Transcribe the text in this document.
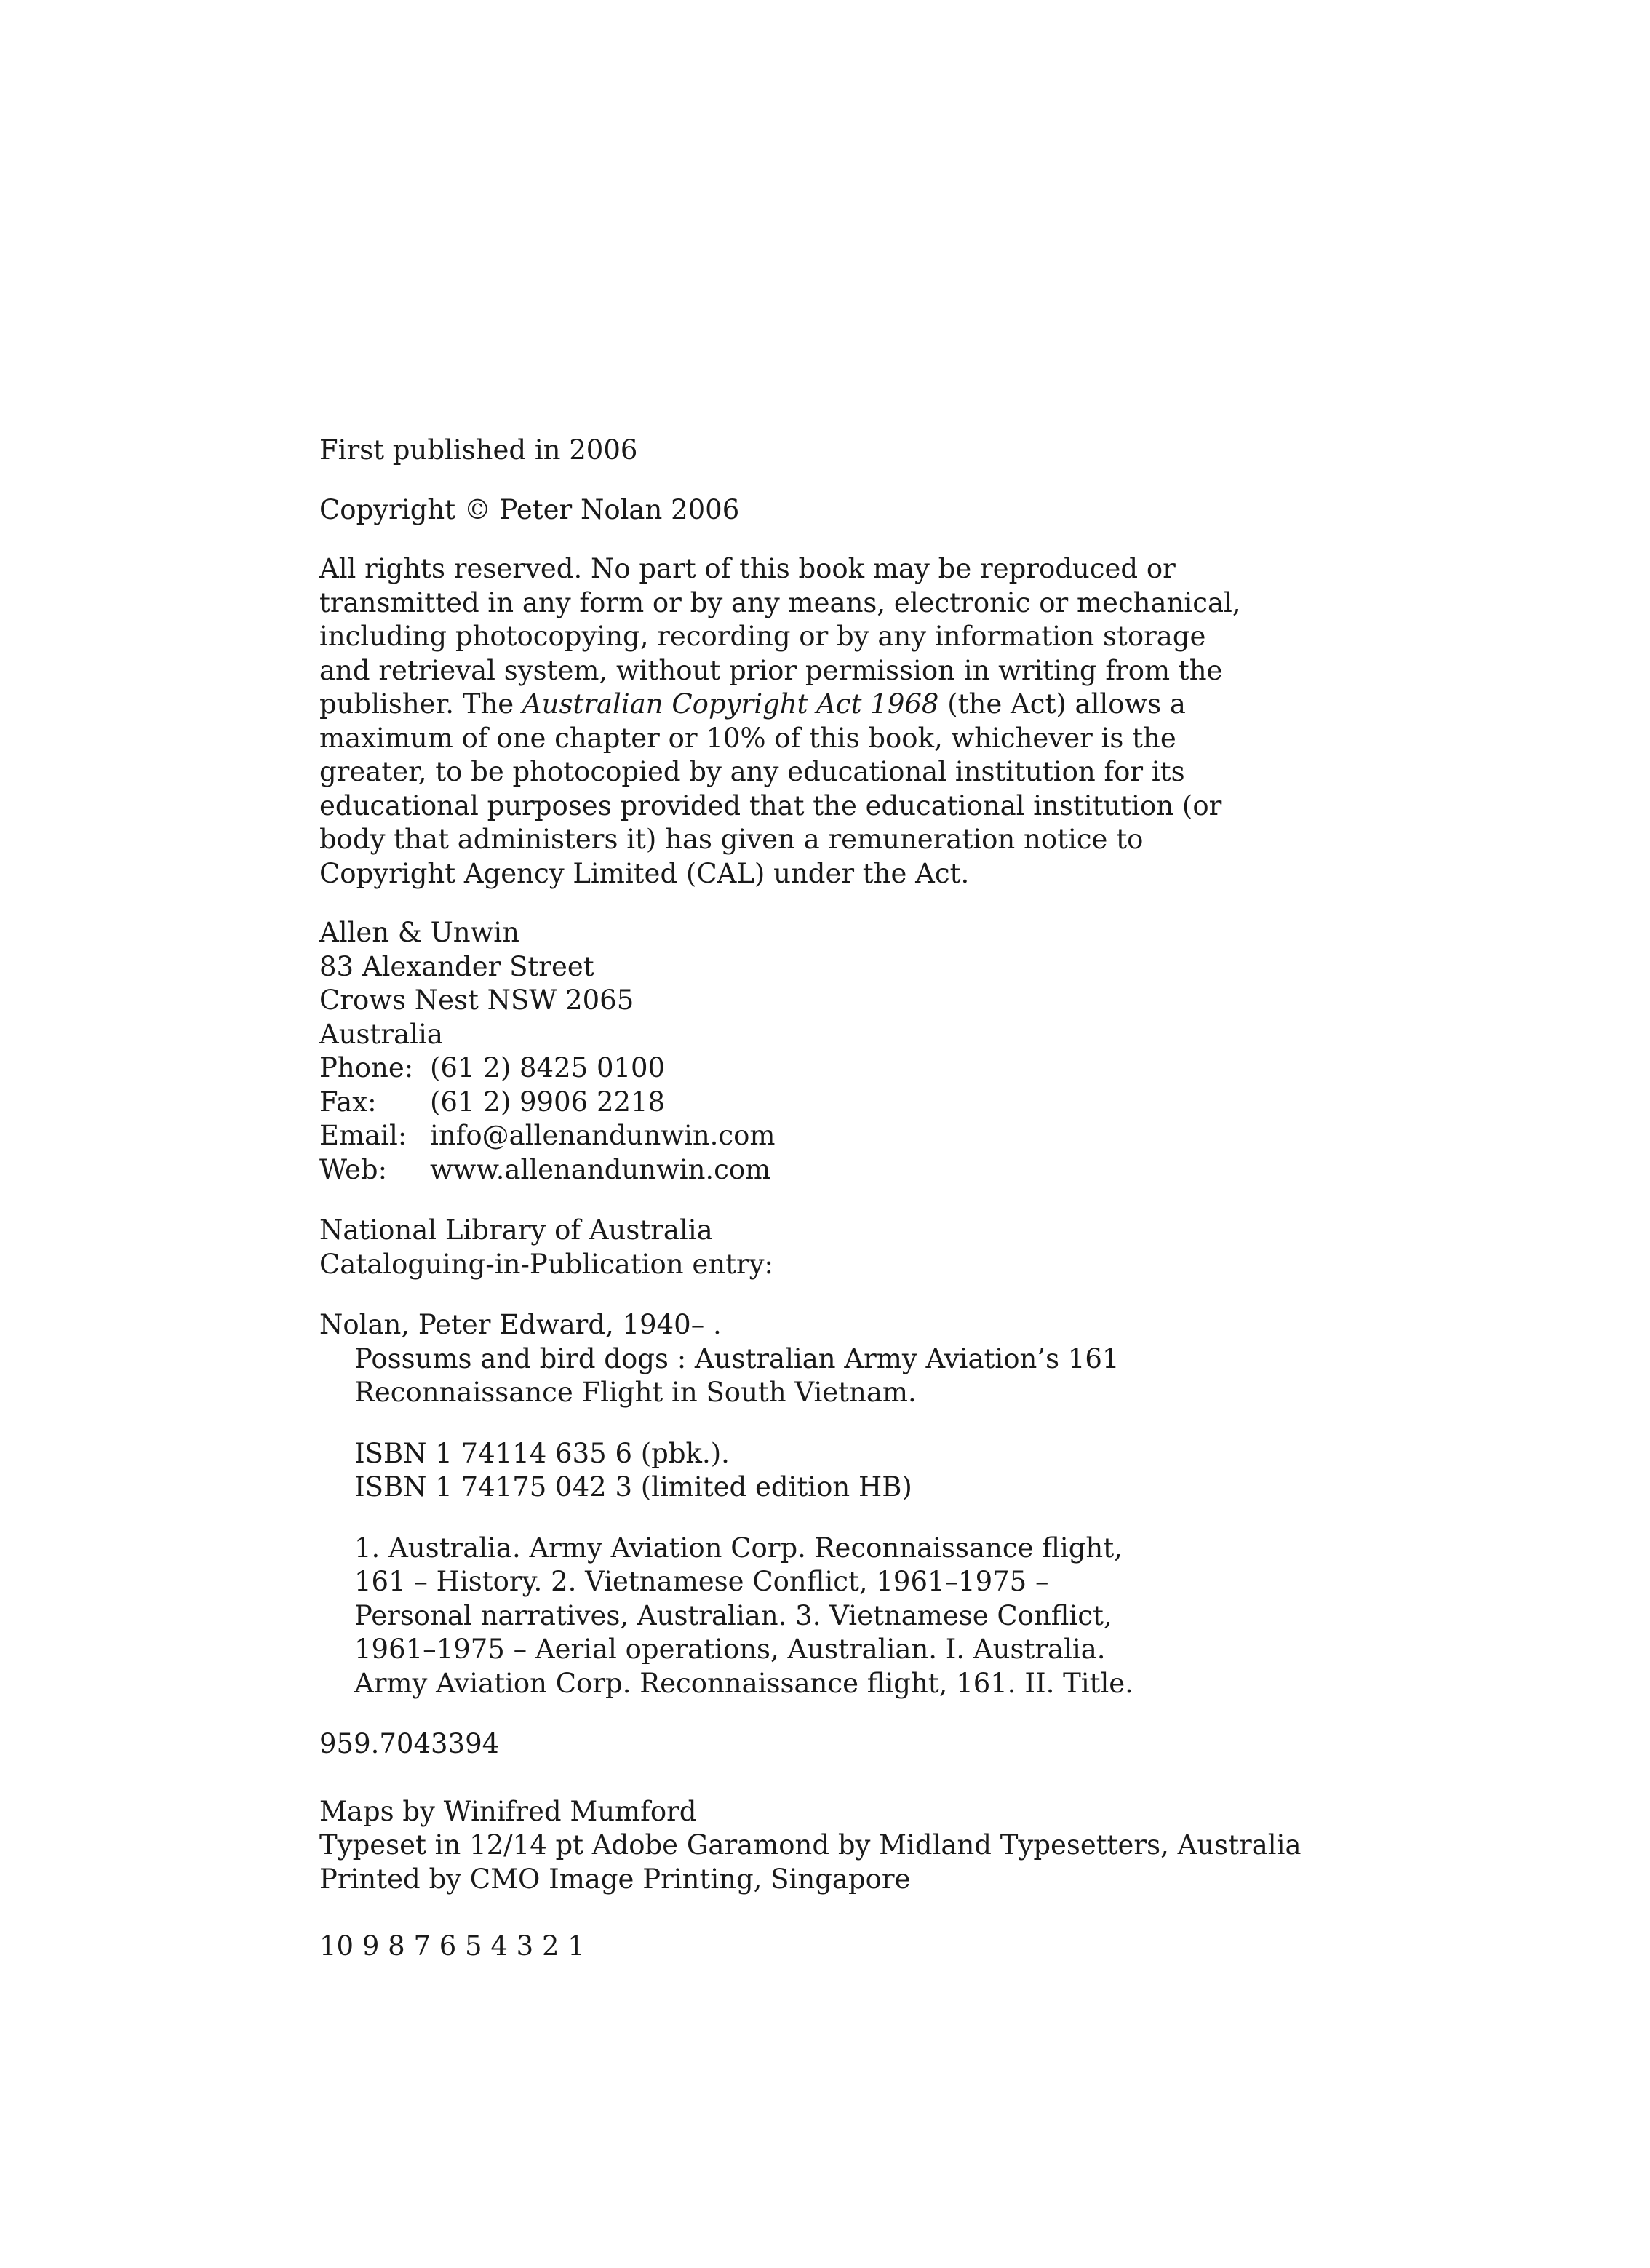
First published in 2006

Copyright © Peter Nolan 2006

All rights reserved. No part of this book may be reproduced or
transmitted in any form or by any means, electronic or mechanical,
including photocopying, recording or by any information storage
and retrieval system, without prior permission in writing from the
publisher. The Australian Copyright Act 1968 (the Act) allows a
maximum of one chapter or 10% of this book, whichever is the
greater, to be photocopied by any educational institution for its
educational purposes provided that the educational institution (or
body that administers it) has given a remuneration notice to
Copyright Agency Limited (CAL) under the Act.
Allen & Unwin
83 Alexander Street
Crows Nest NSW 2065
Australia
Phone: (61 2) 8425 0100
Fax:	(61 2) 9906 2218
Email: info@allenandunwin.com
Web:	www.allenandunwin.com
National Library of Australia
Cataloguing-in-Publication entry:
Nolan, Peter Edward, 1940– .
Possums and bird dogs : Australian Army Aviation’s 161
Reconnaissance Flight in South Vietnam.
ISBN 1 74114 635 6 (pbk.).
ISBN 1 74175 042 3 (limited edition HB)
1. Australia. Army Aviation Corp. Reconnaissance flight,
161 – History. 2. Vietnamese Conflict, 1961–1975 –
Personal narratives, Australian. 3. Vietnamese Conflict,
1961–1975 – Aerial operations, Australian. I. Australia.
Army Aviation Corp. Reconnaissance flight, 161. II. Title.

959.7043394

Maps by Winifred Mumford
Typeset in 12/14 pt Adobe Garamond by Midland Typesetters, Australia
Printed by CMO Image Printing, Singapore

10 9 8 7 6 5 4 3 2 1
